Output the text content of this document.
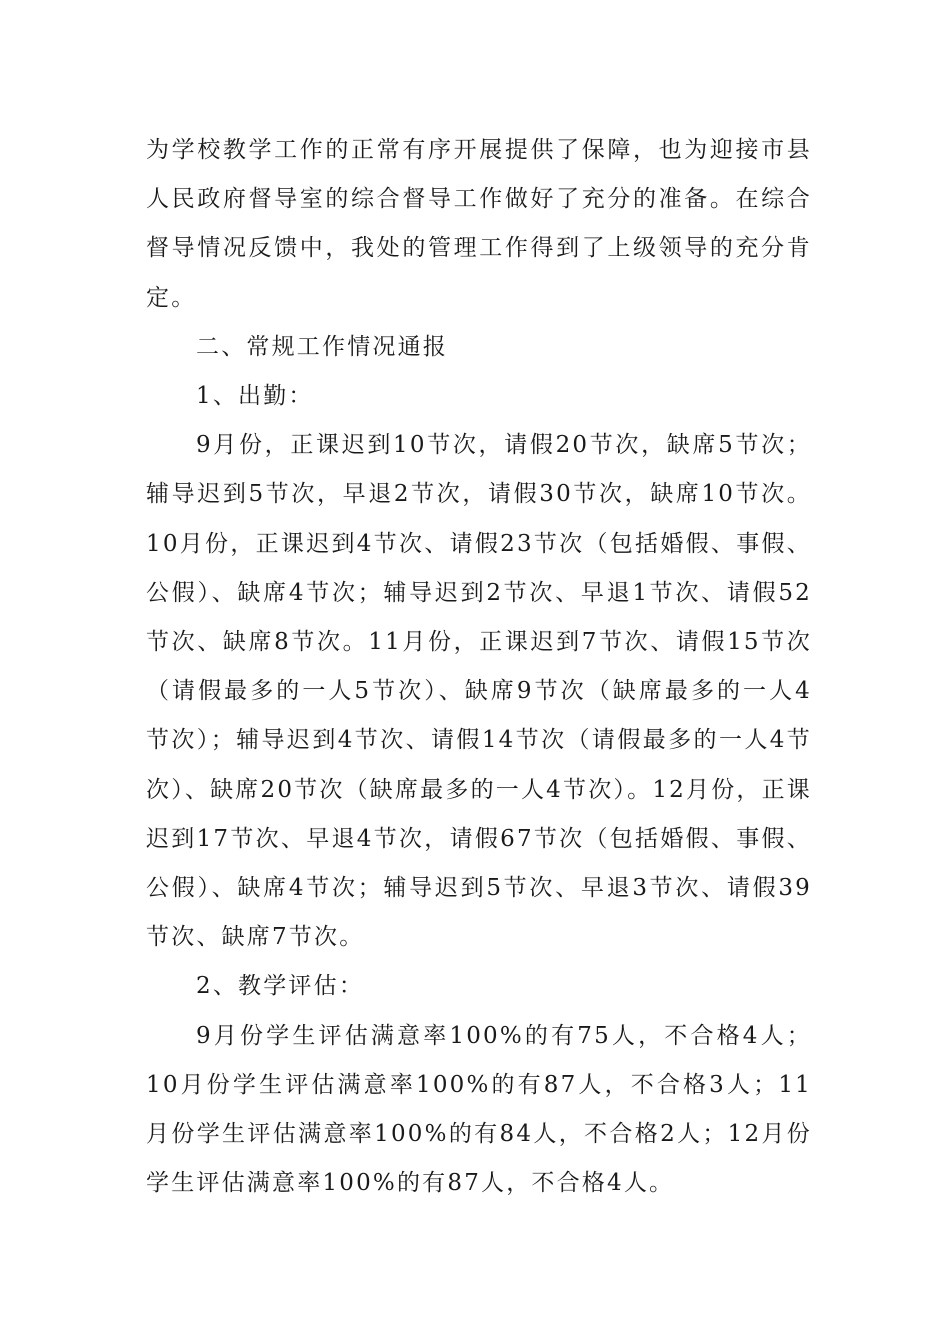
为学校教学工作的正常有序开展提供了保障，也为迎接市县人民政府督导室的综合督导工作做好了充分的准备。在综合督导情况反馈中，我处的管理工作得到了上级领导的充分肯定。

二、常规工作情况通报

1、出勤：

9月份，正课迟到10节次，请假20节次，缺席5节次；辅导迟到5节次，早退2节次，请假30节次，缺席10节次。10月份，正课迟到4节次、请假23节次（包括婚假、事假、公假）、缺席4节次；辅导迟到2节次、早退1节次、请假52节次、缺席8节次。11月份，正课迟到7节次、请假15节次（请假最多的一人5节次）、缺席9节次（缺席最多的一人4节次）；辅导迟到4节次、请假14节次（请假最多的一人4节次）、缺席20节次（缺席最多的一人4节次）。12月份，正课迟到17节次、早退4节次，请假67节次（包括婚假、事假、公假）、缺席4节次；辅导迟到5节次、早退3节次、请假39节次、缺席7节次。

2、教学评估：

9月份学生评估满意率100%的有75人，不合格4人；10月份学生评估满意率100%的有87人，不合格3人；11月份学生评估满意率100%的有84人，不合格2人；12月份学生评估满意率100%的有87人，不合格4人。
